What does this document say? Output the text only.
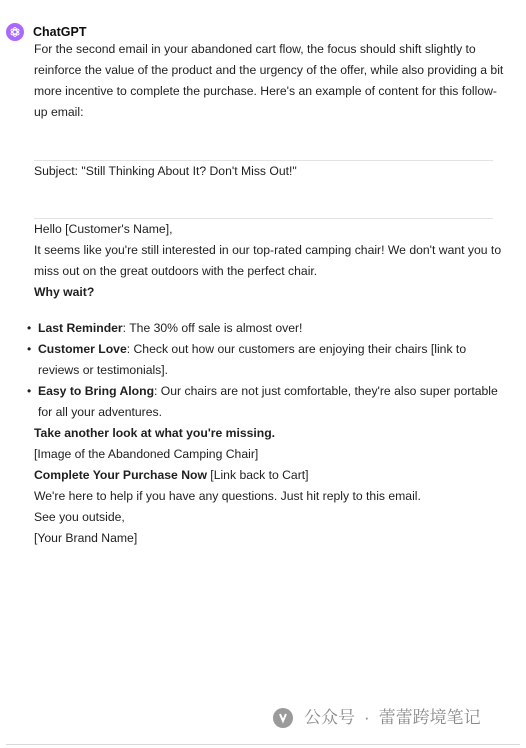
ChatGPT

For the second email in your abandoned cart flow, the focus should shift slightly to reinforce the value of the product and the urgency of the offer, while also providing a bit more incentive to complete the purchase. Here's an example of content for this follow-up email:

Subject: "Still Thinking About It? Don't Miss Out!"

Hello [Customer's Name],

It seems like you're still interested in our top-rated camping chair! We don't want you to miss out on the great outdoors with the perfect chair.

Why wait?

• Last Reminder: The 30% off sale is almost over!
• Customer Love: Check out how our customers are enjoying their chairs [link to reviews or testimonials].
• Easy to Bring Along: Our chairs are not just comfortable, they're also super portable for all your adventures.

Take another look at what you're missing.

[Image of the Abandoned Camping Chair]

Complete Your Purchase Now [Link back to Cart]

We're here to help if you have any questions. Just hit reply to this email.

See you outside,

[Your Brand Name]

公众号 · 蕾蕾跨境笔记
